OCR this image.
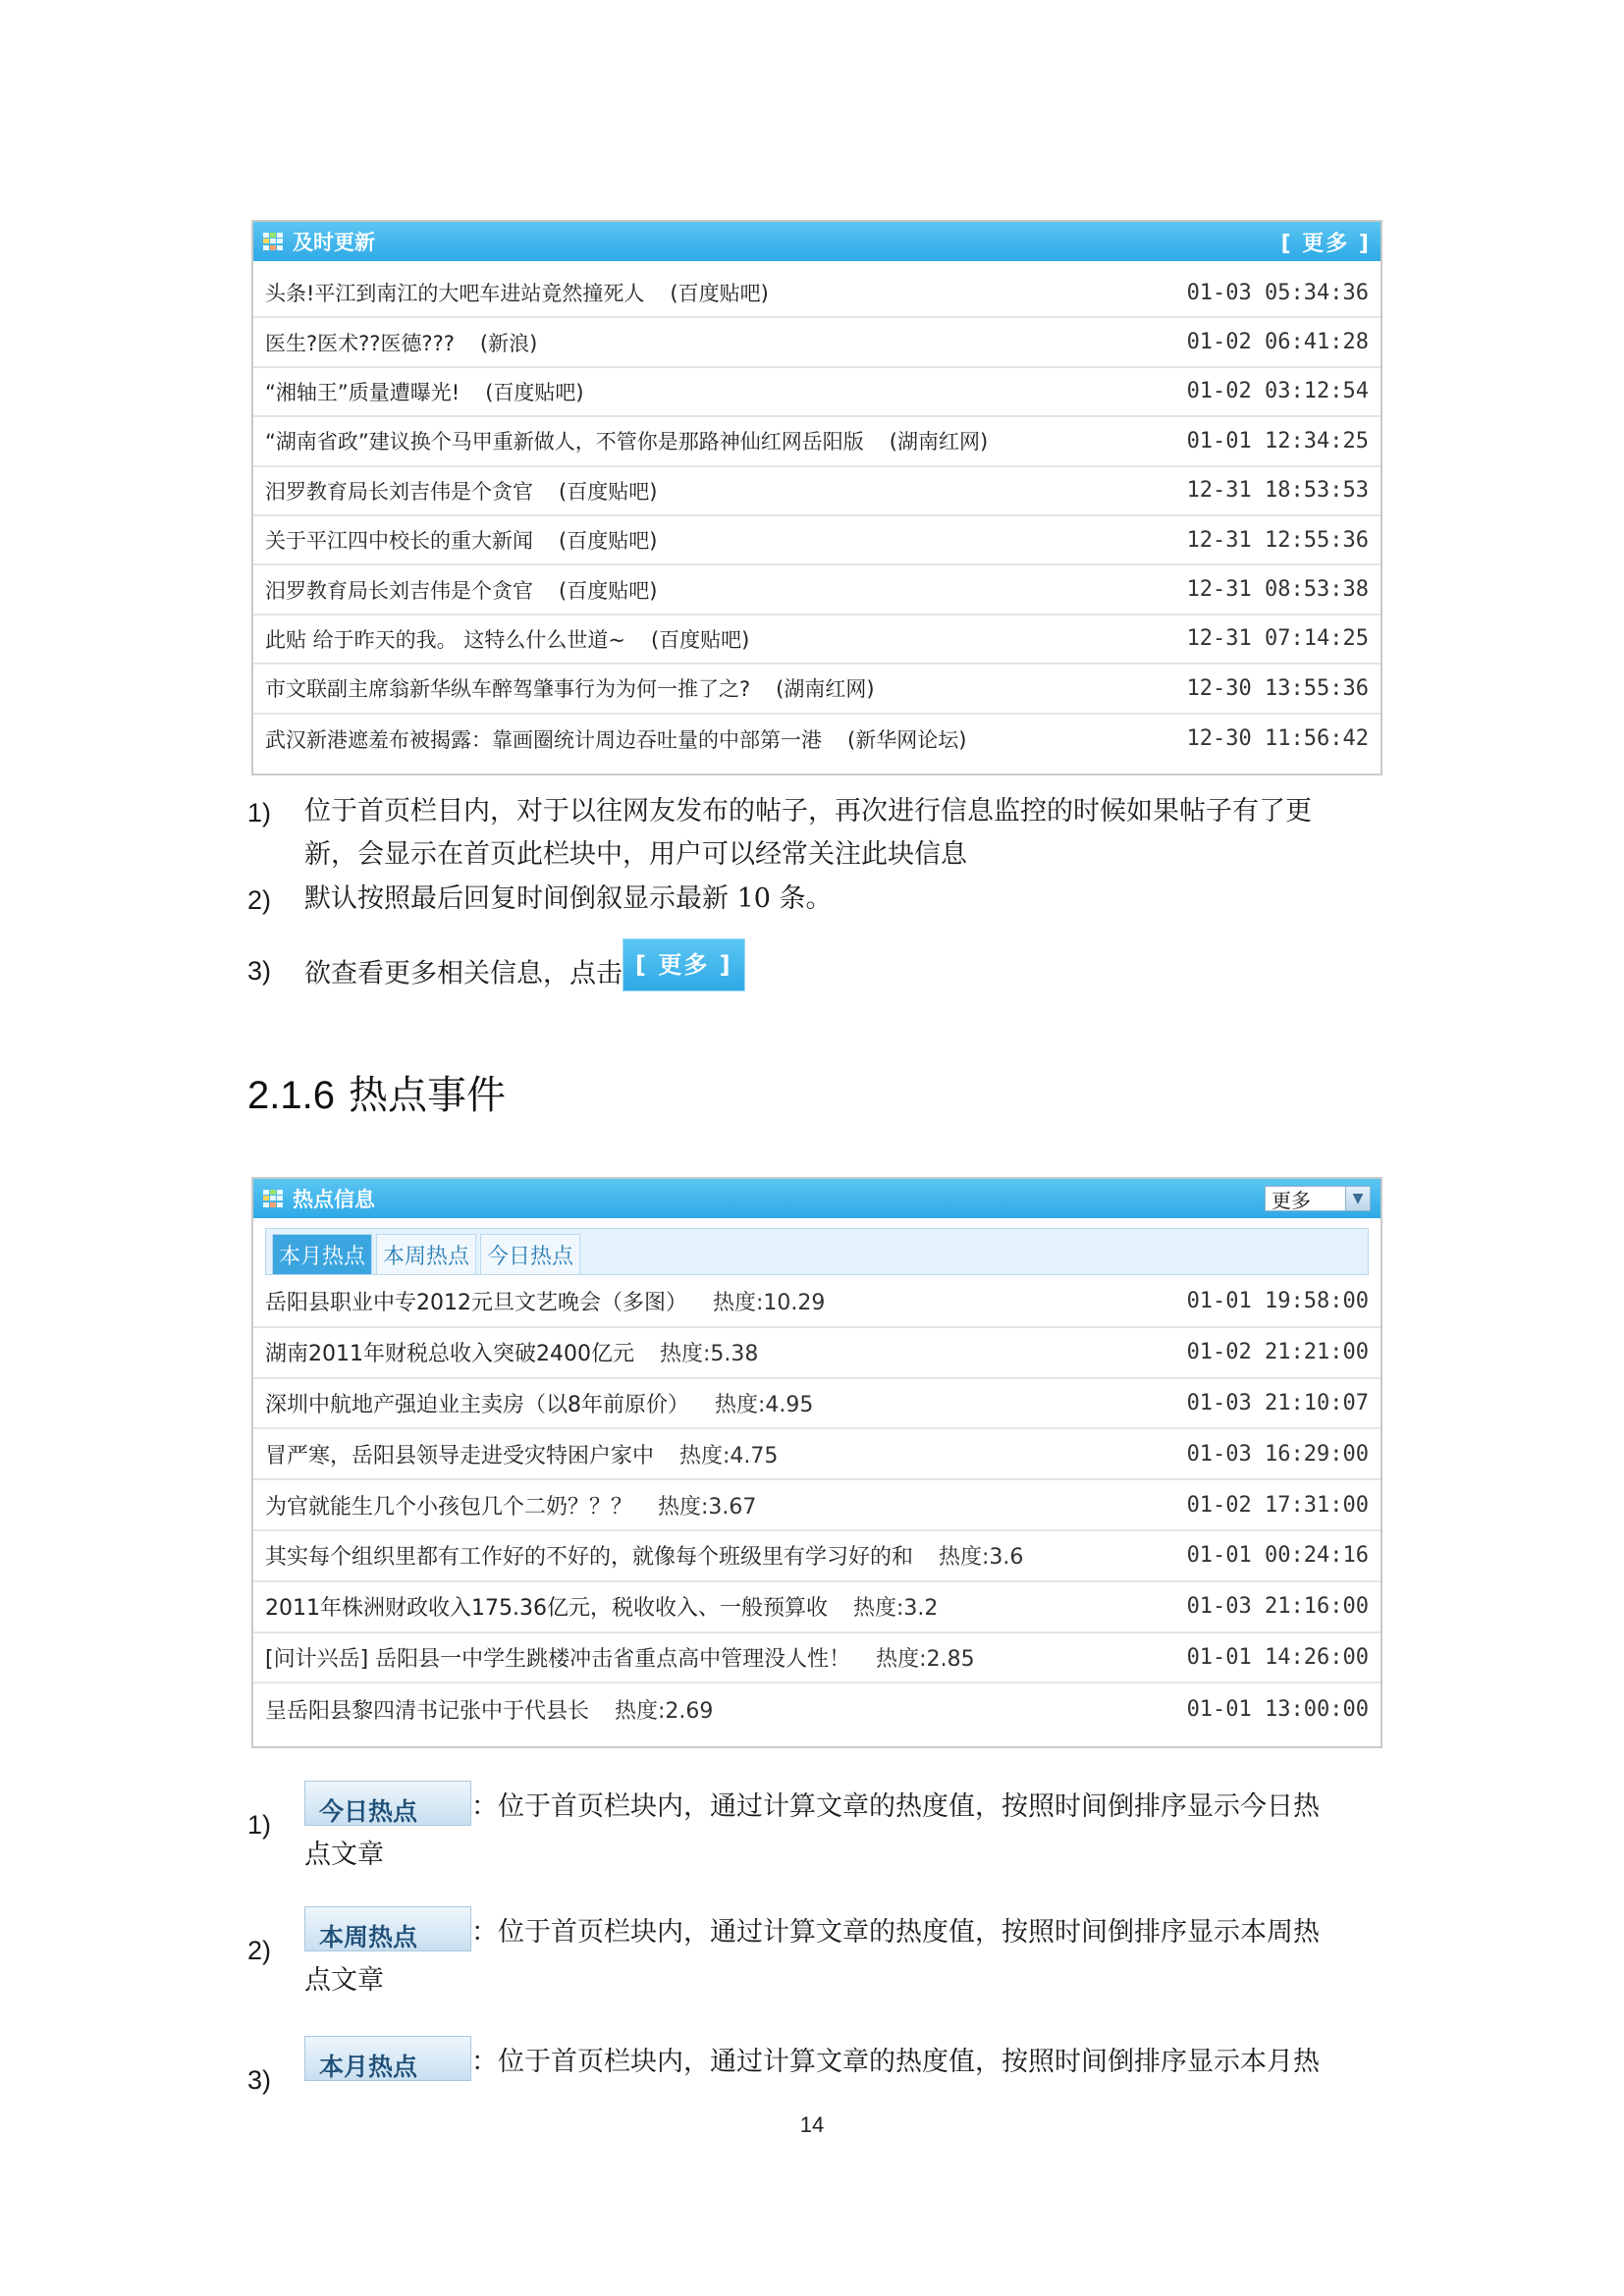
及时更新	[ 更多 ]
头条!平江到南江的大吧车进站竟然撞死人 (百度贴吧)	01-03 05:34:36
医生?医术??医德??? (新浪)	01-02 06:41:28
“湘轴王”质量遭曝光! (百度贴吧)	01-02 03:12:54
“湖南省政”建议换个马甲重新做人，不管你是那路神仙红网岳阳版 (湖南红网)	01-01 12:34:25
汨罗教育局长刘吉伟是个贪官 (百度贴吧)	12-31 18:53:53
关于平江四中校长的重大新闻 (百度贴吧)	12-31 12:55:36
汨罗教育局长刘吉伟是个贪官 (百度贴吧)	12-31 08:53:38
此贴 给于昨天的我。 这特么什么世道~ (百度贴吧)	12-31 07:14:25
市文联副主席翁新华纵车醉驾肇事行为为何一推了之? (湖南红网)	12-30 13:55:36
武汉新港遮羞布被揭露：靠画圈统计周边吞吐量的中部第一港 (新华网论坛)	12-30 11:56:42
1) 位于首页栏目内，对于以往网友发布的帖子，再次进行信息监控的时候如果帖子有了更
新，会显示在首页此栏块中，用户可以经常关注此块信息
2) 默认按照最后回复时间倒叙显示最新 10 条。
3) 欲查看更多相关信息，点击 [ 更多 ]
2.1.6 热点事件
热点信息	更多	▼
本月热点 本周热点 今日热点
岳阳县职业中专2012元旦文艺晚会（多图） 热度:10.29	01-01 19:58:00
湖南2011年财税总收入突破2400亿元 热度:5.38	01-02 21:21:00
深圳中航地产强迫业主卖房（以8年前原价） 热度:4.95	01-03 21:10:07
冒严寒，岳阳县领导走进受灾特困户家中 热度:4.75	01-03 16:29:00
为官就能生几个小孩包几个二奶？？？ 热度:3.67	01-02 17:31:00
其实每个组织里都有工作好的不好的，就像每个班级里有学习好的和 热度:3.6	01-01 00:24:16
2011年株洲财政收入175.36亿元，税收收入、一般预算收 热度:3.2	01-03 21:16:00
[问计兴岳] 岳阳县一中学生跳楼冲击省重点高中管理没人性！ 热度:2.85	01-01 14:26:00
呈岳阳县黎四清书记张中于代县长 热度:2.69	01-01 13:00:00
1)	今日热点 ：位于首页栏块内，通过计算文章的热度值，按照时间倒排序显示今日热
点文章
2)	本周热点 ：位于首页栏块内，通过计算文章的热度值，按照时间倒排序显示本周热
点文章
3)	本月热点 ：位于首页栏块内，通过计算文章的热度值，按照时间倒排序显示本月热
14
